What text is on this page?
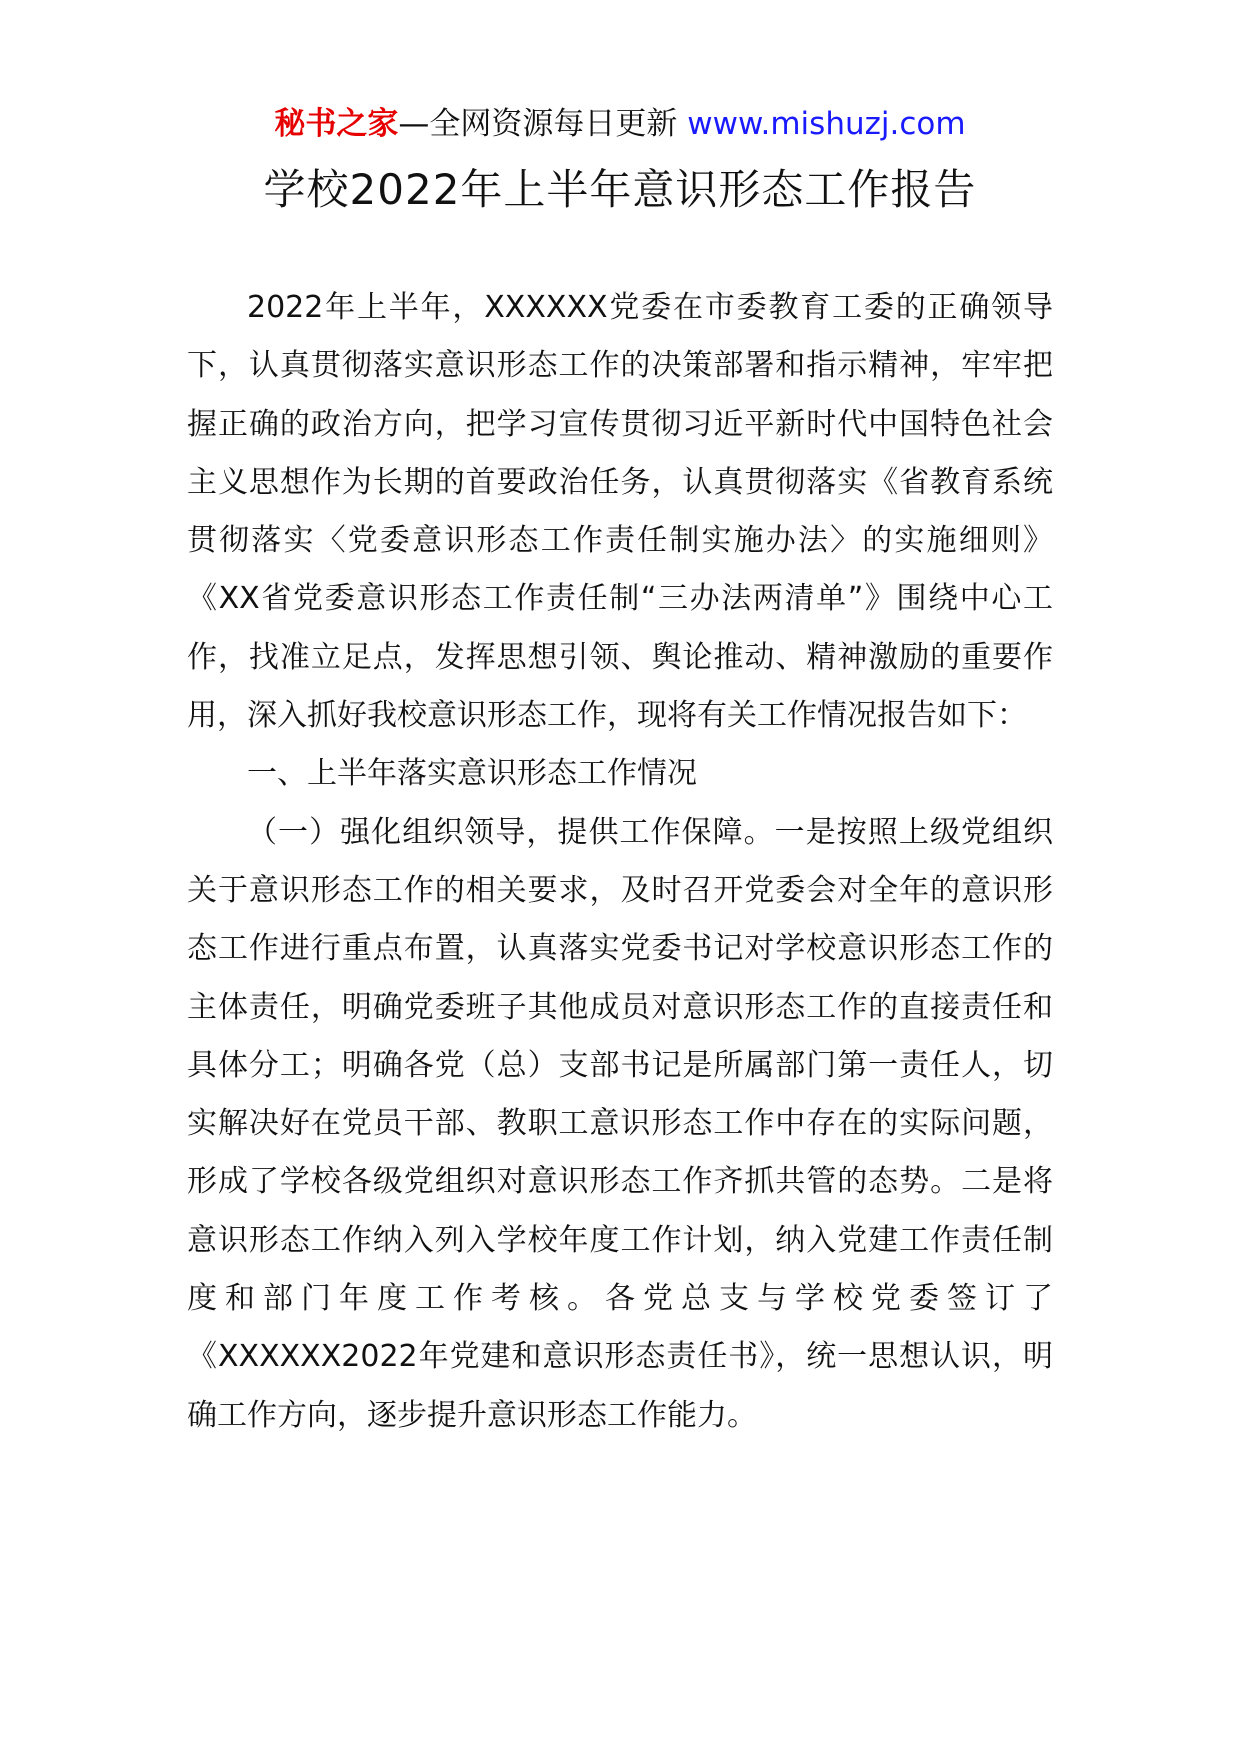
秘书之家—全网资源每日更新 www.mishuzj.com
学校2022年上半年意识形态工作报告

2022年上半年，XXXXXX党委在市委教育工委的正确领导下，认真贯彻落实意识形态工作的决策部署和指示精神，牢牢把握正确的政治方向，把学习宣传贯彻习近平新时代中国特色社会主义思想作为长期的首要政治任务，认真贯彻落实《省教育系统贯彻落实〈党委意识形态工作责任制实施办法〉的实施细则》《XX省党委意识形态工作责任制“三办法两清单”》围绕中心工作，找准立足点，发挥思想引领、舆论推动、精神激励的重要作用，深入抓好我校意识形态工作，现将有关工作情况报告如下：

一、上半年落实意识形态工作情况

（一）强化组织领导，提供工作保障。一是按照上级党组织关于意识形态工作的相关要求，及时召开党委会对全年的意识形态工作进行重点布置，认真落实党委书记对学校意识形态工作的主体责任，明确党委班子其他成员对意识形态工作的直接责任和具体分工；明确各党（总）支部书记是所属部门第一责任人，切实解决好在党员干部、教职工意识形态工作中存在的实际问题，形成了学校各级党组织对意识形态工作齐抓共管的态势。二是将意识形态工作纳入列入学校年度工作计划，纳入党建工作责任制度和部门年度工作考核。各党总支与学校党委签订了《XXXXXX2022年党建和意识形态责任书》，统一思想认识，明确工作方向，逐步提升意识形态工作能力。
